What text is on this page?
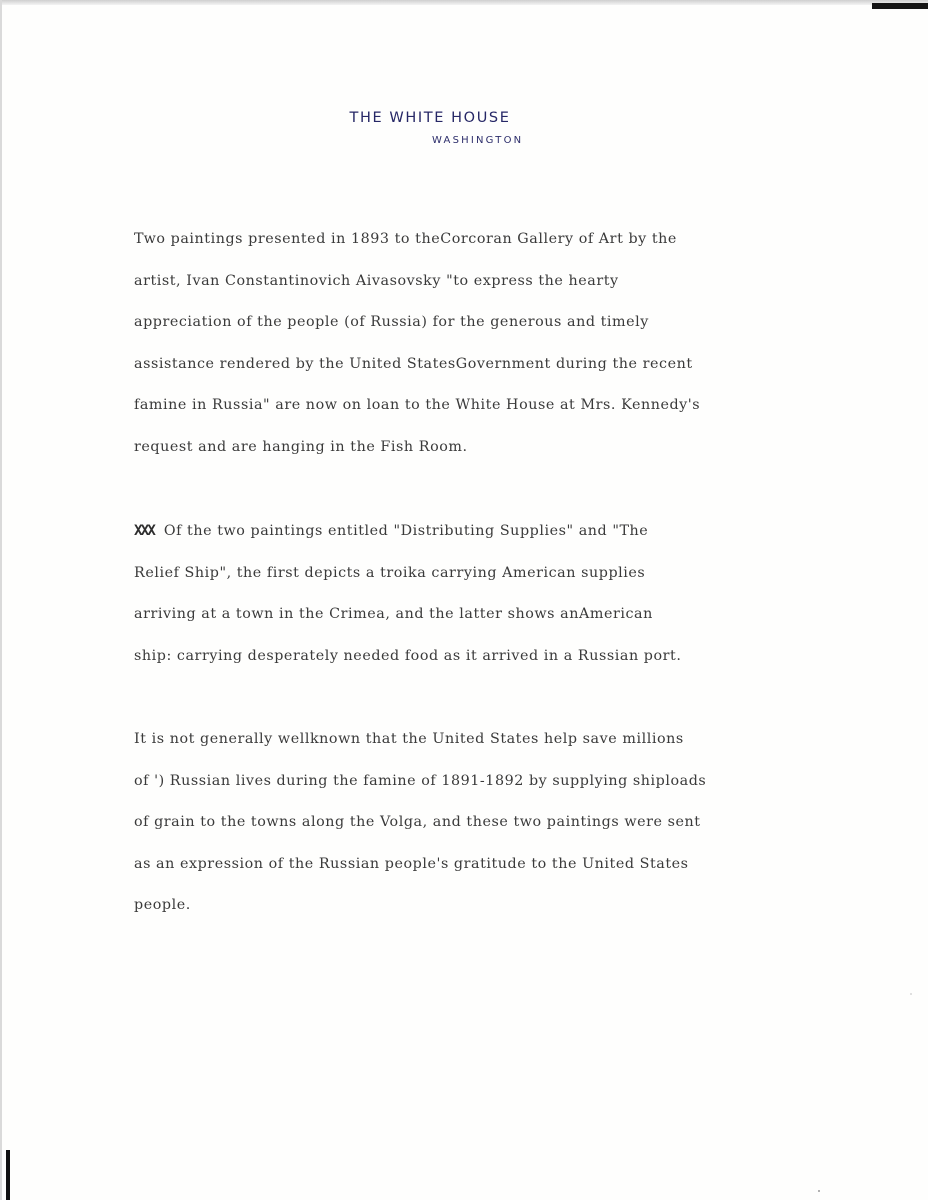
THE WHITE HOUSE
WASHINGTON
Two paintings presented in 1893 to theCorcoran Gallery of Art by the
artist, Ivan Constantinovich Aivasovsky "to express the hearty
appreciation of the people (of Russia) for the generous and timely
assistance rendered by the United StatesGovernment during the recent
famine in Russia" are now on loan to the White House at Mrs. Kennedy's
request and are hanging in the Fish Room.
XXX Of the two paintings entitled "Distributing Supplies" and "The
Relief Ship", the first depicts a troika carrying American supplies
arriving at a town in the Crimea, and the latter shows anAmerican
ship: carrying desperately needed food as it arrived in a Russian port.
It is not generally wellknown that the United States help save millions
of ') Russian lives during the famine of 1891-1892 by supplying shiploads
of grain to the towns along the Volga, and these two paintings were sent
as an expression of the Russian people's gratitude to the United States
people.
